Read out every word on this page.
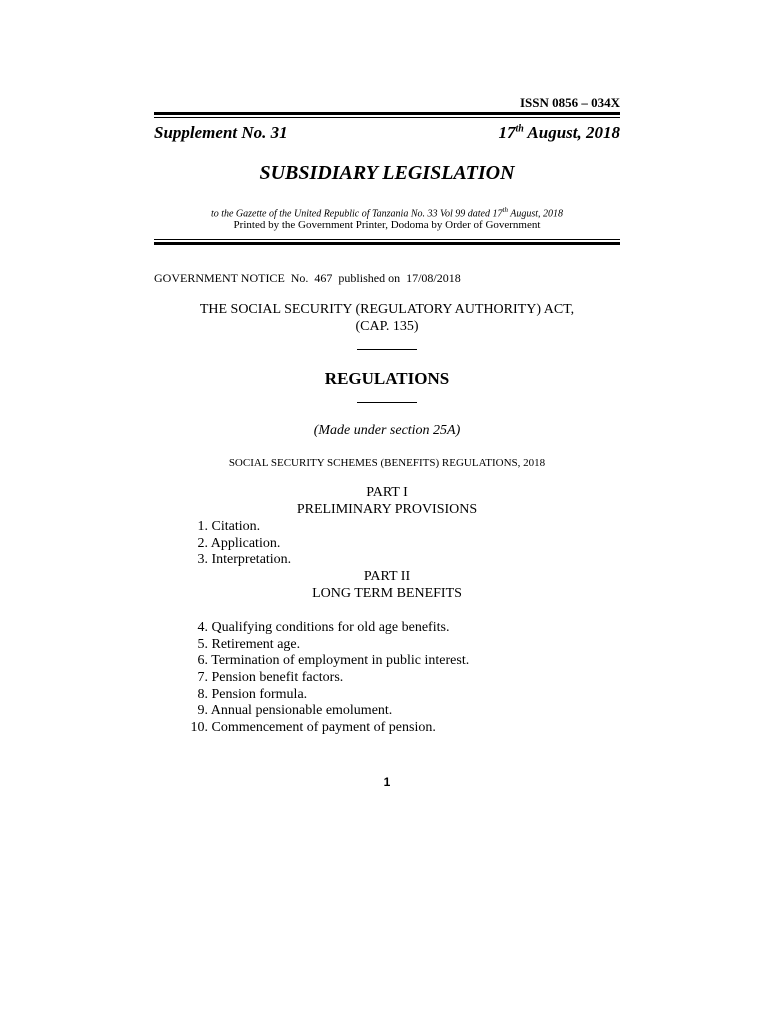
ISSN 0856 – 034X
Supplement No. 31	17th August, 2018
SUBSIDIARY LEGISLATION
to the Gazette of the United Republic of Tanzania No. 33 Vol 99 dated 17th August, 2018
Printed by the Government Printer, Dodoma by Order of Government
GOVERNMENT NOTICE  No.  467  published on  17/08/2018
THE SOCIAL SECURITY (REGULATORY AUTHORITY) ACT,
(CAP. 135)
REGULATIONS
(Made under section 25A)
SOCIAL SECURITY SCHEMES (BENEFITS) REGULATIONS, 2018
PART I
PRELIMINARY PROVISIONS
1. Citation.
2. Application.
3. Interpretation.
PART II
LONG TERM BENEFITS
4. Qualifying conditions for old age benefits.
5. Retirement age.
6. Termination of employment in public interest.
7. Pension benefit factors.
8. Pension formula.
9. Annual pensionable emolument.
10. Commencement of payment of pension.
1
